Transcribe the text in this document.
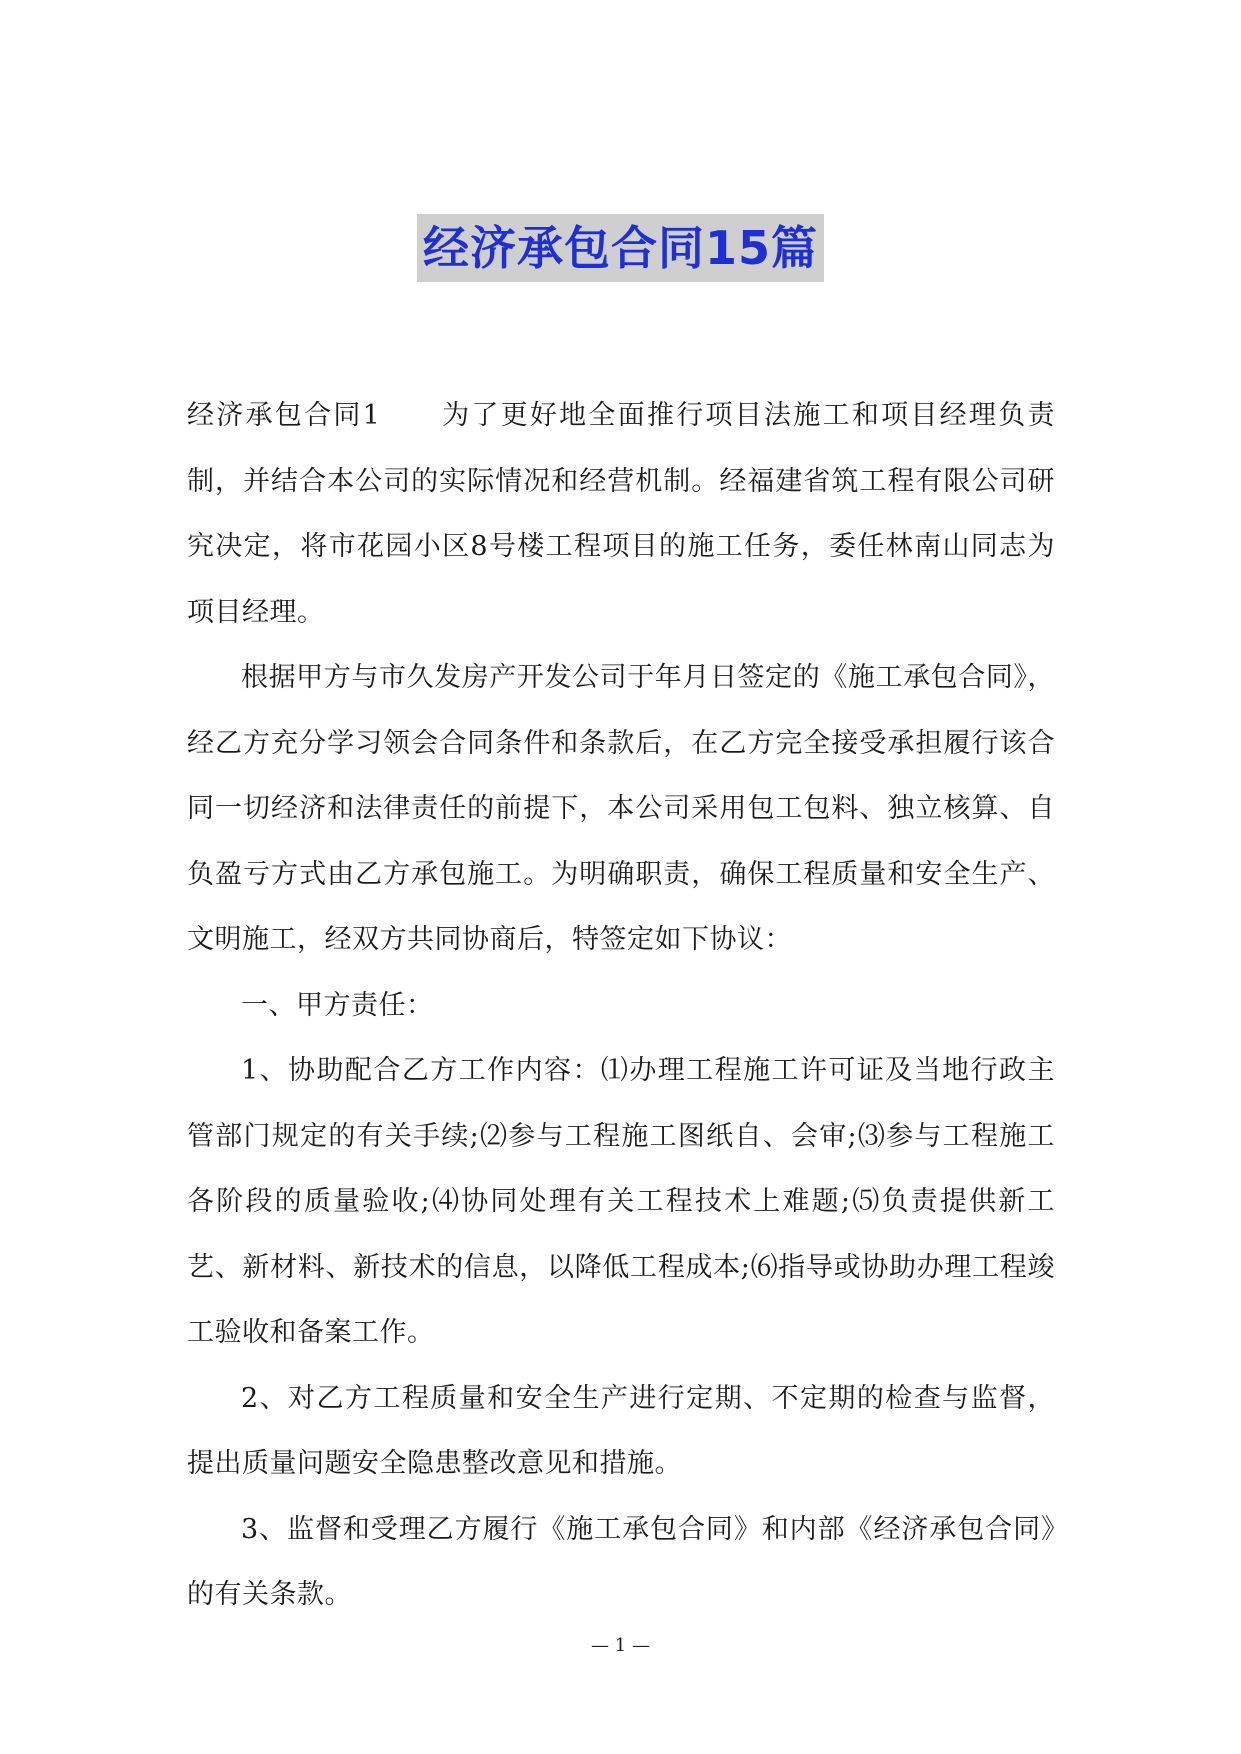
经济承包合同15篇

经济承包合同1 为了更好地全面推行项目法施工和项目经理负责制，并结合本公司的实际情况和经营机制。经福建省筑工程有限公司研究决定，将市花园小区8号楼工程项目的施工任务，委任林南山同志为项目经理。

根据甲方与市久发房产开发公司于年月日签定的《施工承包合同》，经乙方充分学习领会合同条件和条款后，在乙方完全接受承担履行该合同一切经济和法律责任的前提下，本公司采用包工包料、独立核算、自负盈亏方式由乙方承包施工。为明确职责，确保工程质量和安全生产、文明施工，经双方共同协商后，特签定如下协议：

一、甲方责任：

1、协助配合乙方工作内容：⑴办理工程施工许可证及当地行政主管部门规定的有关手续;⑵参与工程施工图纸自、会审;⑶参与工程施工各阶段的质量验收;⑷协同处理有关工程技术上难题;⑸负责提供新工艺、新材料、新技术的信息，以降低工程成本;⑹指导或协助办理工程竣工验收和备案工作。

2、对乙方工程质量和安全生产进行定期、不定期的检查与监督，提出质量问题安全隐患整改意见和措施。

3、监督和受理乙方履行《施工承包合同》和内部《经济承包合同》的有关条款。

— 1 —
